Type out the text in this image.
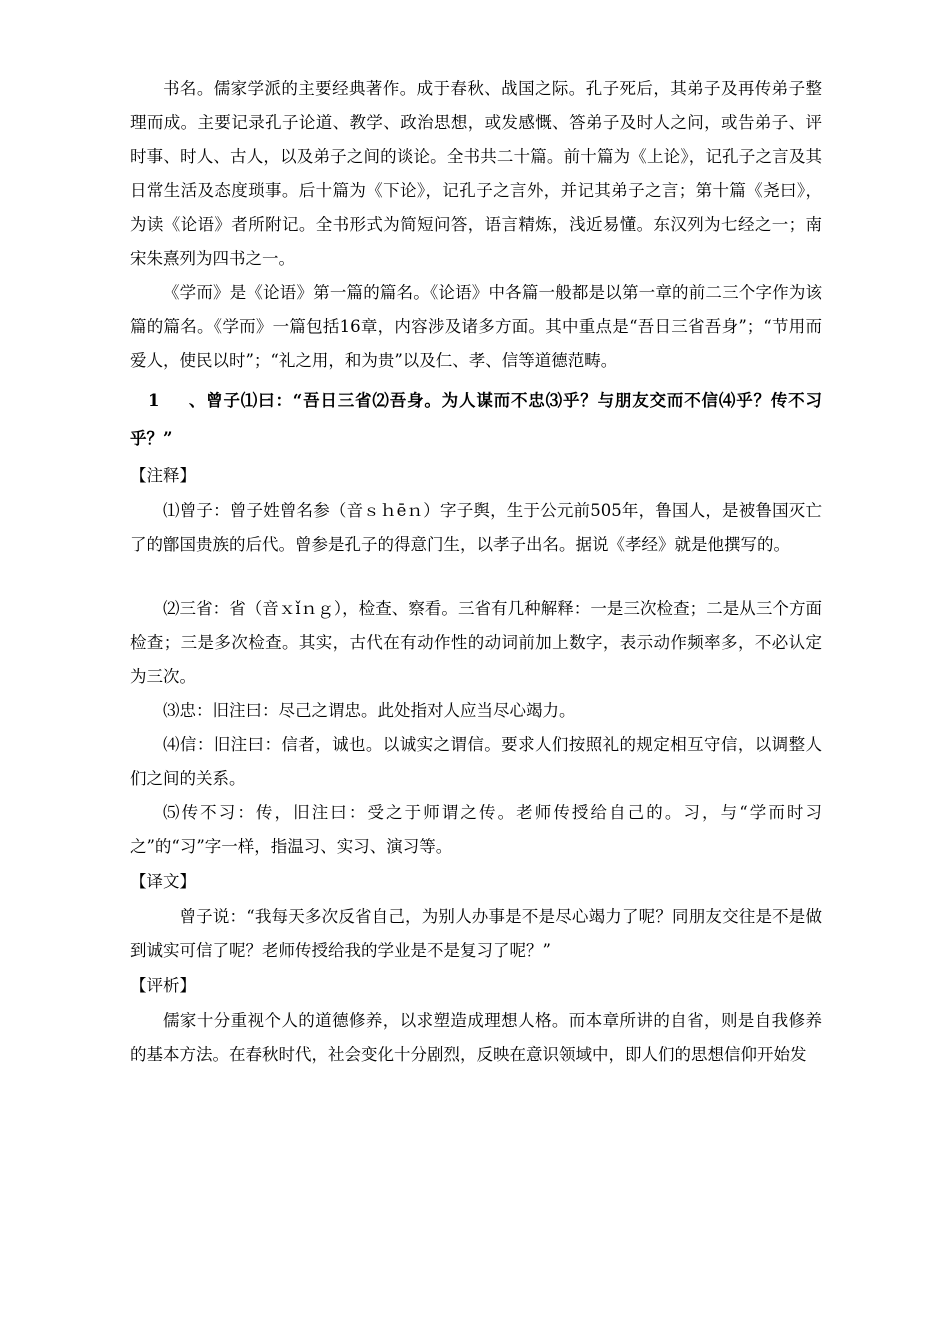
书名。儒家学派的主要经典著作。成于春秋、战国之际。孔子死后，其弟子及再传弟子整理而成。主要记录孔子论道、教学、政治思想，或发感慨、答弟子及时人之问，或告弟子、评时事、时人、古人，以及弟子之间的谈论。全书共二十篇。前十篇为《上论》，记孔子之言及其日常生活及态度琐事。后十篇为《下论》，记孔子之言外，并记其弟子之言；第十篇《尧曰》，为读《论语》者所附记。全书形式为简短问答，语言精炼，浅近易懂。东汉列为七经之一；南宋朱熹列为四书之一。

《学而》是《论语》第一篇的篇名。《论语》中各篇一般都是以第一章的前二三个字作为该篇的篇名。《学而》一篇包括16章，内容涉及诸多方面。其中重点是“吾日三省吾身”；“节用而爱人，使民以时”；“礼之用，和为贵”以及仁、孝、信等道德范畴。

1 、曾子⑴曰：“吾日三省⑵吾身。为人谋而不忠⑶乎？与朋友交而不信⑷乎？传不习乎？”

【注释】

⑴曾子：曾子姓曾名参（音ｓｈēｎ）字子舆，生于公元前505年，鲁国人，是被鲁国灭亡了的鄫国贵族的后代。曾参是孔子的得意门生，以孝子出名。据说《孝经》就是他撰写的。

⑵三省：省（音ｘǐｎｇ），检查、察看。三省有几种解释：一是三次检查；二是从三个方面检查；三是多次检查。其实，古代在有动作性的动词前加上数字，表示动作频率多，不必认定为三次。

⑶忠：旧注曰：尽己之谓忠。此处指对人应当尽心竭力。

⑷信：旧注曰：信者，诚也。以诚实之谓信。要求人们按照礼的规定相互守信，以调整人们之间的关系。

⑸传不习：传，旧注曰：受之于师谓之传。老师传授给自己的。习，与“学而时习之”的“习”字一样，指温习、实习、演习等。

【译文】

曾子说：“我每天多次反省自己，为别人办事是不是尽心竭力了呢？同朋友交往是不是做到诚实可信了呢？老师传授给我的学业是不是复习了呢？”

【评析】

儒家十分重视个人的道德修养，以求塑造成理想人格。而本章所讲的自省，则是自我修养的基本方法。在春秋时代，社会变化十分剧烈，反映在意识领域中，即人们的思想信仰开始发
